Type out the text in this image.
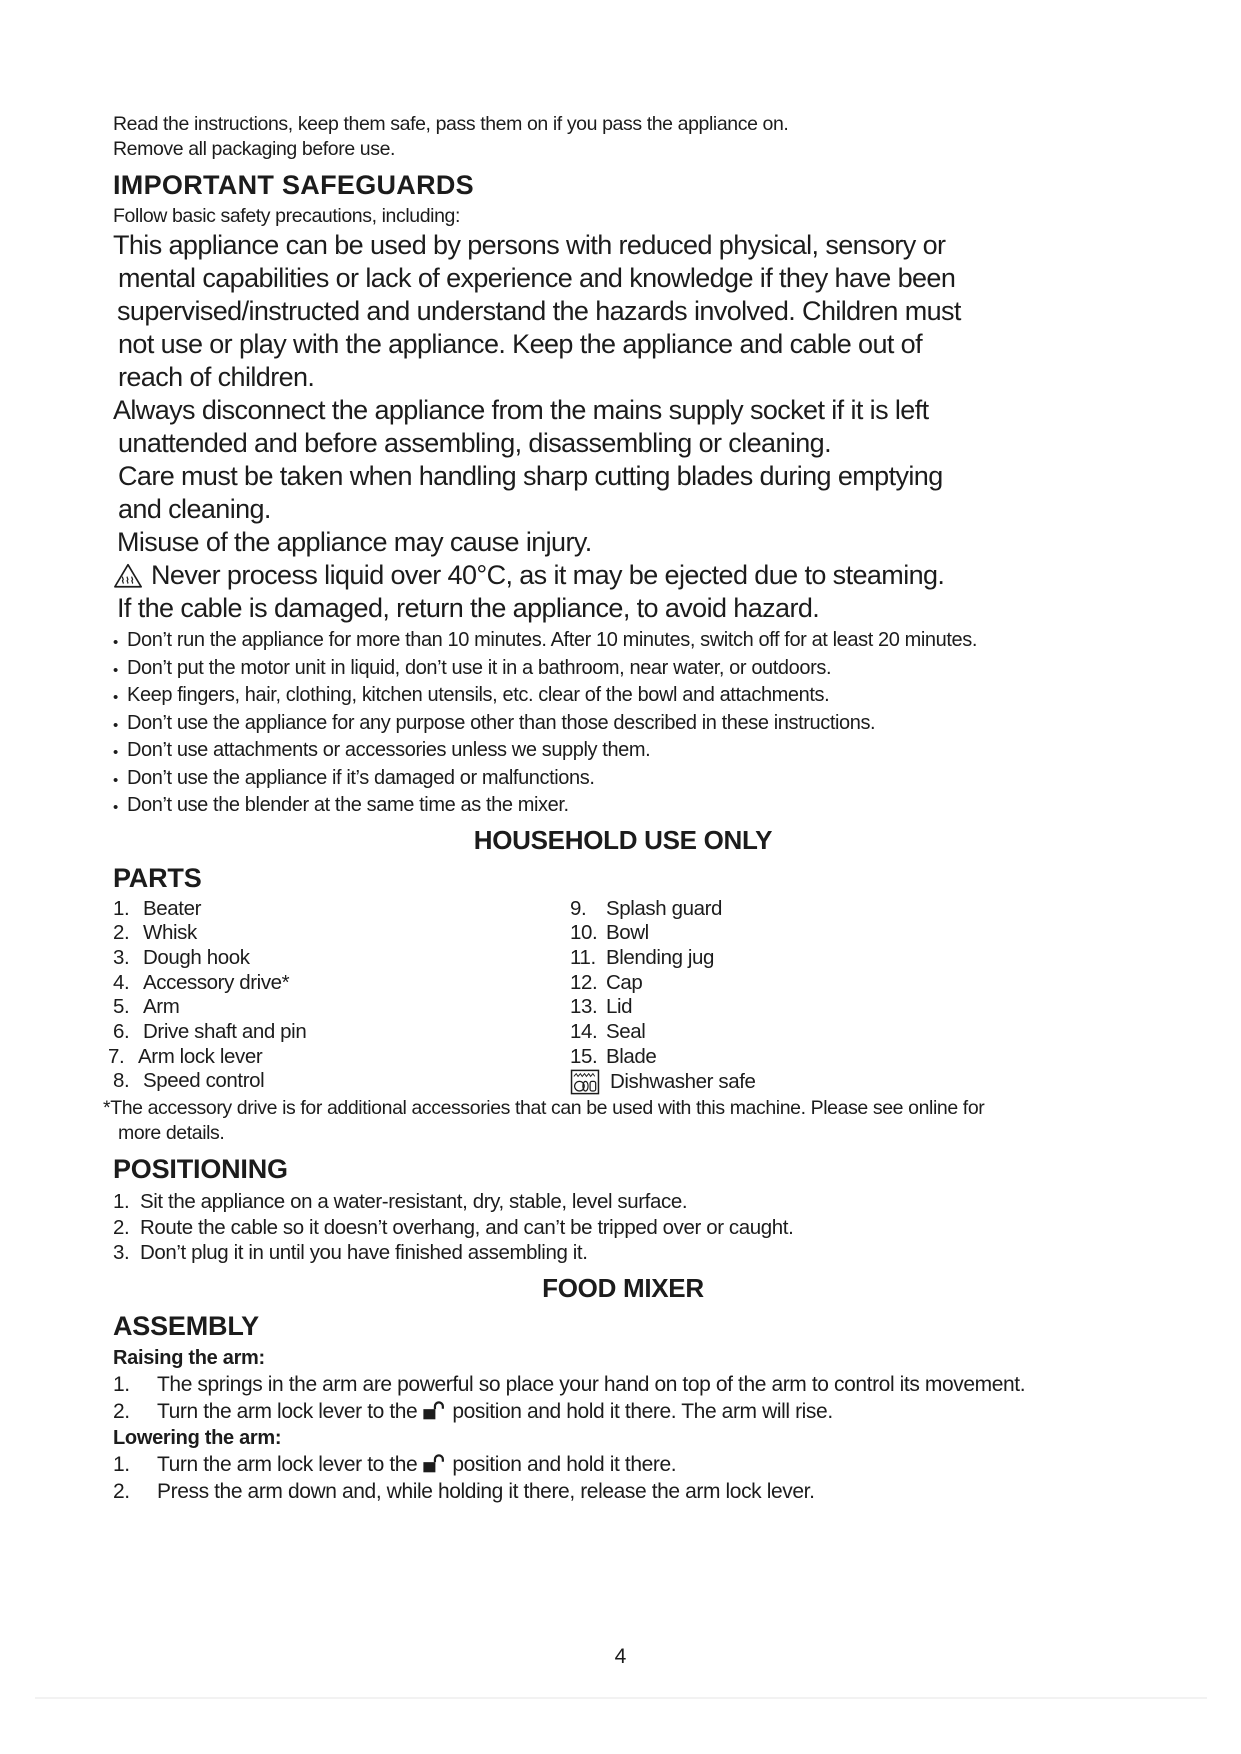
Read the instructions, keep them safe, pass them on if you pass the appliance on.
Remove all packaging before use.
IMPORTANT SAFEGUARDS
Follow basic safety precautions, including:
This appliance can be used by persons with reduced physical, sensory or
mental capabilities or lack of experience and knowledge if they have been
supervised/instructed and understand the hazards involved. Children must
not use or play with the appliance. Keep the appliance and cable out of
reach of children.
Always disconnect the appliance from the mains supply socket if it is left
unattended and before assembling, disassembling or cleaning.
Care must be taken when handling sharp cutting blades during emptying
and cleaning.
Misuse of the appliance may cause injury.
Never process liquid over 40°C, as it may be ejected due to steaming.
If the cable is damaged, return the appliance, to avoid hazard.
• Don’t run the appliance for more than 10 minutes. After 10 minutes, switch off for at least 20 minutes.
• Don’t put the motor unit in liquid, don’t use it in a bathroom, near water, or outdoors.
• Keep fingers, hair, clothing, kitchen utensils, etc. clear of the bowl and attachments.
• Don’t use the appliance for any purpose other than those described in these instructions.
• Don’t use attachments or accessories unless we supply them.
• Don’t use the appliance if it’s damaged or malfunctions.
• Don’t use the blender at the same time as the mixer.
HOUSEHOLD USE ONLY
PARTS
1. Beater
2. Whisk
3. Dough hook
4. Accessory drive*
5. Arm
6. Drive shaft and pin
7. Arm lock lever
8. Speed control
9. Splash guard
10. Bowl
11. Blending jug
12. Cap
13. Lid
14. Seal
15. Blade
Dishwasher safe
*The accessory drive is for additional accessories that can be used with this machine. Please see online for
more details.
POSITIONING
1. Sit the appliance on a water-resistant, dry, stable, level surface.
2. Route the cable so it doesn’t overhang, and can’t be tripped over or caught.
3. Don’t plug it in until you have finished assembling it.
FOOD MIXER
ASSEMBLY
Raising the arm:
1.	The springs in the arm are powerful so place your hand on top of the arm to control its movement.
2.	Turn the arm lock lever to the position and hold it there. The arm will rise.
Lowering the arm:
1.	Turn the arm lock lever to the position and hold it there.
2.	Press the arm down and, while holding it there, release the arm lock lever.
4
